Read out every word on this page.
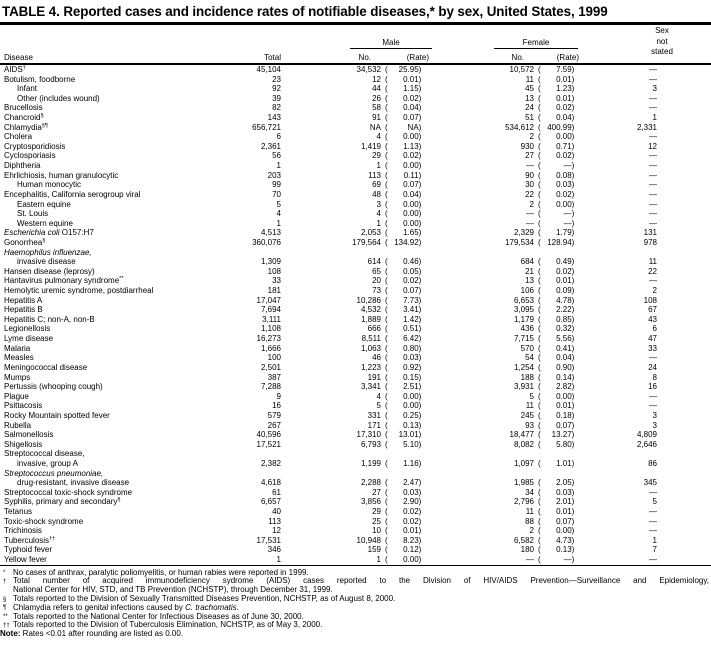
TABLE 4. Reported cases and incidence rates of notifiable diseases,* by sex, United States, 1999
Sex
not
stated
Male	Female
Disease	Total	No.	(Rate)	No.	(Rate)
AIDS†	45,104	34,532 ( 25.95)	10,572 ( 7.59)	—
Botulism, foodborne	23	12 ( 0.01)	11 ( 0.01)	—
Infant	92	44 ( 1.15)	45 ( 1.23)	3
Other (includes wound)	39	26 ( 0.02)	13 ( 0.01)	—
Brucellosis	82	58 ( 0.04)	24 ( 0.02)	—
Chancroid§	143	91 ( 0.07)	51 ( 0.04)	1
Chlamydia§¶	656,721	NA ( NA)	534,612 ( 400.99)	2,331
Cholera	6	4 ( 0.00)	2 ( 0.00)	—
Cryptosporidiosis	2,361	1,419 ( 1.13)	930 ( 0.71)	12
Cyclosporiasis	56	29 ( 0.02)	27 ( 0.02)	—
Diphtheria	1	1 ( 0.00)	— (	—)	—
Ehrlichiosis, human granulocytic	203	113 ( 0.11)	90 ( 0.08)	—
Human monocytic	99	69 ( 0.07)	30 ( 0.03)	—
Encephalitis, California serogroup viral	70	48 ( 0.04)	22 ( 0.02)	—
Eastern equine	5	3 ( 0.00)	2 ( 0.00)	—
St. Louis	4	4 ( 0.00)	— (	—)	—
Western equine	1	1 ( 0.00)	— (	—)	—
Escherichia coli O157:H7	4,513	2,053 ( 1.65)	2,329 ( 1.79)	131
Gonorrhea§	360,076	179,564 ( 134.92)	179,534 ( 128.94)	978
Haemophilus influenzae,
invasive disease	1,309	614 ( 0.46)	684 ( 0.49)	11
Hansen disease (leprosy)	108	65 ( 0.05)	21 ( 0.02)	22
Hantavirus pulmonary syndrome**	33	20 ( 0.02)	13 ( 0.01)	—
Hemolytic uremic syndrome, postdiarrheal	181	73 ( 0.07)	106 ( 0.09)	2
Hepatitis A	17,047	10,286 ( 7.73)	6,653 ( 4.78)	108
Hepatitis B	7,694	4,532 ( 3.41)	3,095 ( 2.22)	67
Hepatitis C; non-A, non-B	3,111	1,889 ( 1.42)	1,179 ( 0.85)	43
Legionellosis	1,108	666 ( 0.51)	436 ( 0.32)	6
Lyme disease	16,273	8,511 ( 6.42)	7,715 ( 5.56)	47
Malaria	1,666	1,063 ( 0.80)	570 ( 0.41)	33
Measles	100	46 ( 0.03)	54 ( 0.04)	—
Meningococcal disease	2,501	1,223 ( 0.92)	1,254 ( 0.90)	24
Mumps	387	191 ( 0.15)	188 ( 0.14)	8
Pertussis (whooping cough)	7,288	3,341 ( 2.51)	3,931 ( 2.82)	16
Plague	9	4 ( 0.00)	5 ( 0.00)	—
Psittacosis	16	5 ( 0.00)	11 ( 0.01)	—
Rocky Mountain spotted fever	579	331 ( 0.25)	245 ( 0.18)	3
Rubella	267	171 ( 0.13)	93 ( 0.07)	3
Salmonellosis	40,596	17,310 ( 13.01)	18,477 ( 13.27)	4,809
Shigellosis	17,521	6,793 ( 5.10)	8,082 ( 5.80)	2,646
Streptococcal disease,
invasive, group A	2,382	1,199 ( 1.16)	1,097 ( 1.01)	86
Streptococcus pneumoniae,
drug-resistant, invasive disease	4,618	2,288 ( 2.47)	1,985 ( 2.05)	345
Streptococcal toxic-shock syndrome	61	27 ( 0.03)	34 ( 0.03)	—
Syphilis, primary and secondary§	6,657	3,856 ( 2.90)	2,796 ( 2.01)	5
Tetanus	40	29 ( 0.02)	11 ( 0.01)	—
Toxic-shock syndrome	113	25 ( 0.02)	88 ( 0.07)	—
Trichinosis	12	10 ( 0.01)	2 ( 0.00)	—
Tuberculosis††	17,531	10,948 ( 8.23)	6,582 ( 4.73)	1
Typhoid fever	346	159 ( 0.12)	180 ( 0.13)	7
Yellow fever	1	1 ( 0.00)	— (	—)	—
* No cases of anthrax, paralytic poliomyelitis, or human rabies were reported in 1999.
† Total number of acquired immunodeficiency sydrome (AIDS) cases reported to the Division of HIV/AIDS Prevention—Surveillance and Epidemiology,
National Center for HIV, STD, and TB Prevention (NCHSTP), through December 31, 1999.
§ Totals reported to the Division of Sexually Transmitted Diseases Prevention, NCHSTP, as of August 8, 2000.
¶ Chlamydia refers to genital infections caused by C. trachomatis.
** Totals reported to the National Center for Infectious Diseases as of June 30, 2000.
†† Totals reported to the Division of Tuberculosis Elimination, NCHSTP, as of May 3, 2000.
Note: Rates <0.01 after rounding are listed as 0.00.
